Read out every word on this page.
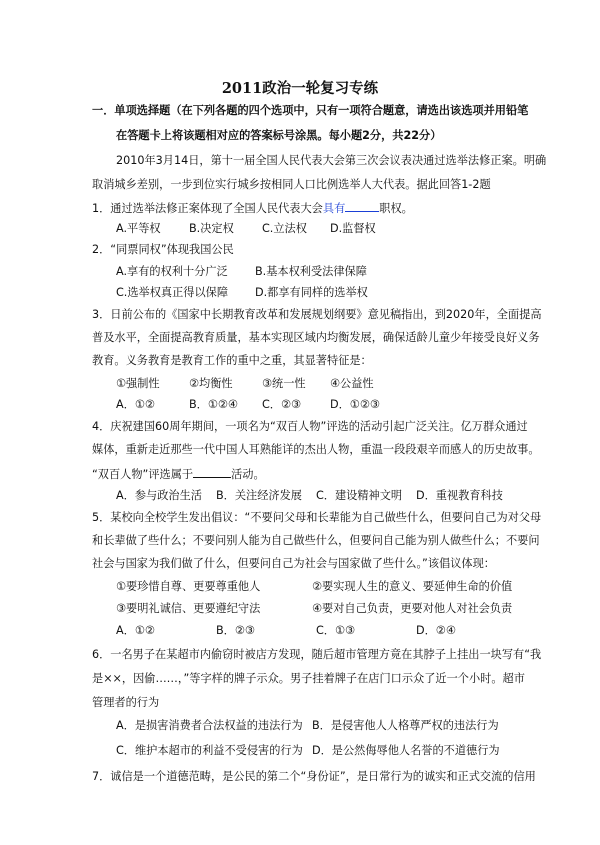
2011政治一轮复习专练
一．单项选择题（在下列各题的四个选项中，只有一项符合题意，请选出该选项并用铅笔
在答题卡上将该题相对应的答案标号涂黑。每小题2分，共22分）
2010年3月14日，第十一届全国人民代表大会第三次会议表决通过选举法修正案。明确
取消城乡差别，一步到位实行城乡按相同人口比例选举人大代表。据此回答1-2题
1．通过选举法修正案体现了全国人民代表大会具有	职权。
A.平等权	B.决定权	C.立法权 D.监督权
2．“同票同权”体现我国公民
A.享有的权利十分广泛 B.基本权利受法律保障
C.选举权真正得以保障 D.都享有同样的选举权
3．日前公布的《国家中长期教育改革和发展规划纲要》意见稿指出，到2020年，全面提高
普及水平，全面提高教育质量，基本实现区域内均衡发展，确保适龄儿童少年接受良好义务
教育。义务教育是教育工作的重中之重，其显著特征是：
①强制性	②均衡性	③统一性 ④公益性
A．①②	B．①②④ C．②③	D．①②③
4．庆祝建国60周年期间，一项名为“双百人物”评选的活动引起广泛关注。亿万群众通过
媒体，重新走近那些一代中国人耳熟能详的杰出人物，重温一段段艰辛而感人的历史故事。
“双百人物”评选属于	活动。
A．参与政治生活 B．关注经济发展 C．建设精神文明 D．重视教育科技
5．某校向全校学生发出倡议：“不要问父母和长辈能为自己做些什么，但要问自己为对父母
和长辈做了些什么；不要问别人能为自己做些什么，但要问自己能为别人做些什么；不要问
社会与国家为我们做了什么，但要问自己为社会与国家做了些什么。”该倡议体现：
①要珍惜自尊、更要尊重他人	②要实现人生的意义、要延伸生命的价值
③要明礼诚信、更要遵纪守法	④要对自己负责，更要对他人对社会负责
A．①②	B．②③	C．①③	D．②④
6．一名男子在某超市内偷窃时被店方发现，随后超市管理方竟在其脖子上挂出一块写有“我
是××，因偷……，”等字样的牌子示众。男子挂着牌子在店门口示众了近一个小时。超市
管理者的行为
A．是损害消费者合法权益的违法行为 B．是侵害他人人格尊严权的违法行为
C．维护本超市的利益不受侵害的行为 D．是公然侮辱他人名誉的不道德行为
7．诚信是一个道德范畴，是公民的第二个“身份证”，是日常行为的诚实和正式交流的信用
